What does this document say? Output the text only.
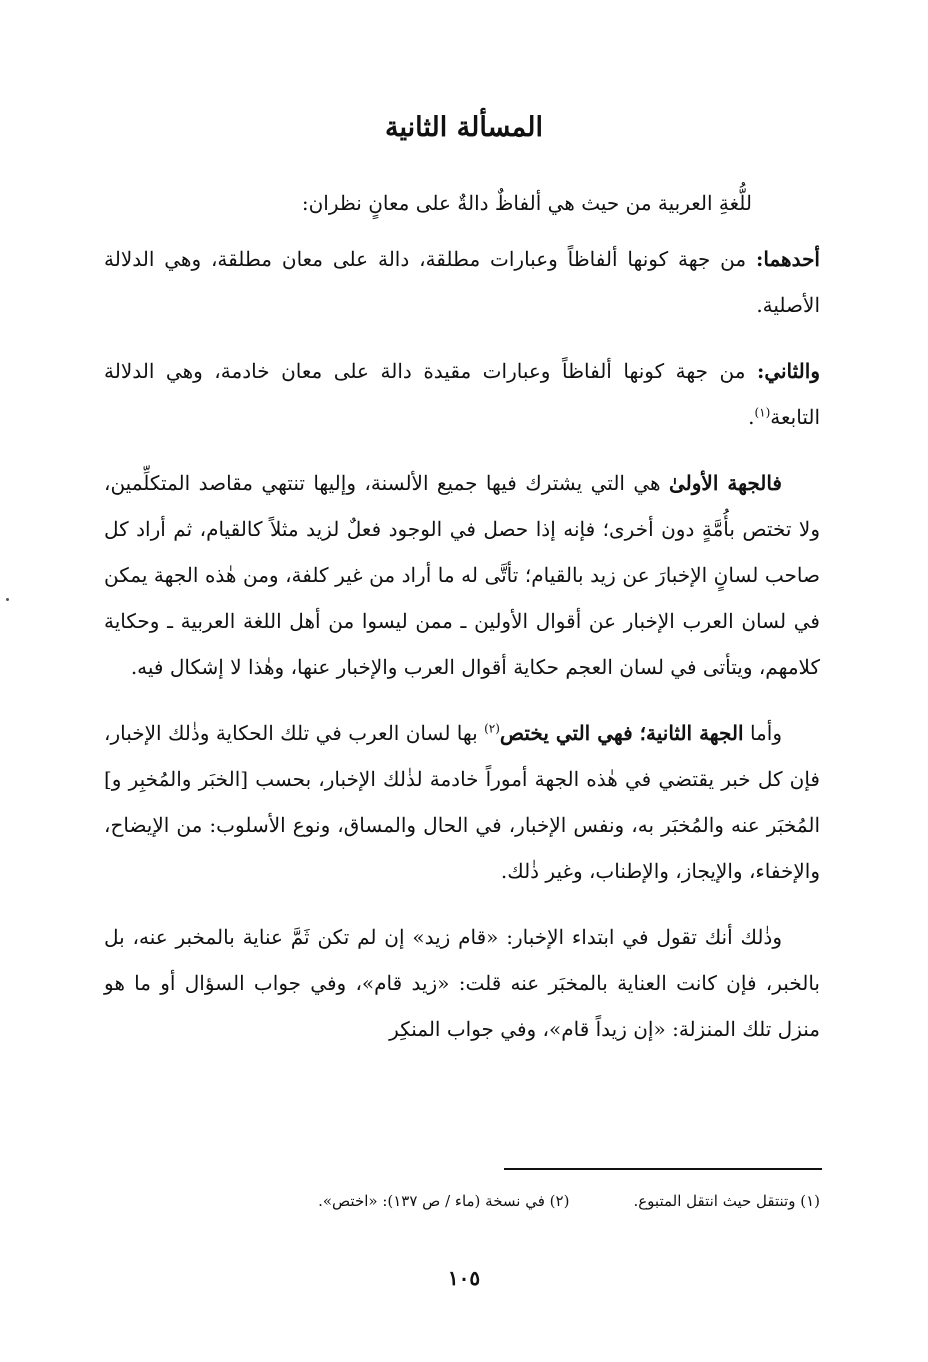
المسألة الثانية

للُّغةِ العربية من حيث هي ألفاظٌ دالةٌ على معانٍ نظران:

أحدهما: من جهة كونها ألفاظاً وعبارات مطلقة، دالة على معان مطلقة، وهي الدلالة الأصلية.

والثاني: من جهة كونها ألفاظاً وعبارات مقيدة دالة على معان خادمة، وهي الدلالة التابعة$^{(١)}$.

فالجهة الأولىٰ هي التي يشترك فيها جميع الألسنة، وإليها تنتهي مقاصد المتكلِّمين، ولا تختص بأُمَّةٍ دون أخرى؛ فإنه إذا حصل في الوجود فعلٌ لزيد مثلاً كالقيام، ثم أراد كل صاحب لسانٍ الإخبارَ عن زيد بالقيام؛ تأتَّى له ما أراد من غير كلفة، ومن هٰذه الجهة يمكن في لسان العرب الإخبار عن أقوال الأولين ـ ممن ليسوا من أهل اللغة العربية ـ وحكاية كلامهم، ويتأتى في لسان العجم حكاية أقوال العرب والإخبار عنها، وهٰذا لا إشكال فيه.

وأما الجهة الثانية؛ فهي التي يختص$^{(٢)}$ بها لسان العرب في تلك الحكاية وذٰلك الإخبار، فإن كل خبر يقتضي في هٰذه الجهة أموراً خادمة لذٰلك الإخبار، بحسب [الخبَر والمُخبِر و] المُخبَر عنه والمُخبَر به، ونفس الإخبار، في الحال والمساق، ونوع الأسلوب: من الإيضاح، والإخفاء، والإيجاز، والإطناب، وغير ذٰلك.

وذٰلك أنك تقول في ابتداء الإخبار: «قام زيد» إن لم تكن ثَمَّ عناية بالمخبر عنه، بل بالخبر، فإن كانت العناية بالمخبَر عنه قلت: «زيد قام»، وفي جواب السؤال أو ما هو منزل تلك المنزلة: «إن زيداً قام»، وفي جواب المنكِر

(١) وتنتقل حيث انتقل المتبوع.
(٢) في نسخة (ماء / ص ١٣٧): «اختص».
١٠٥
